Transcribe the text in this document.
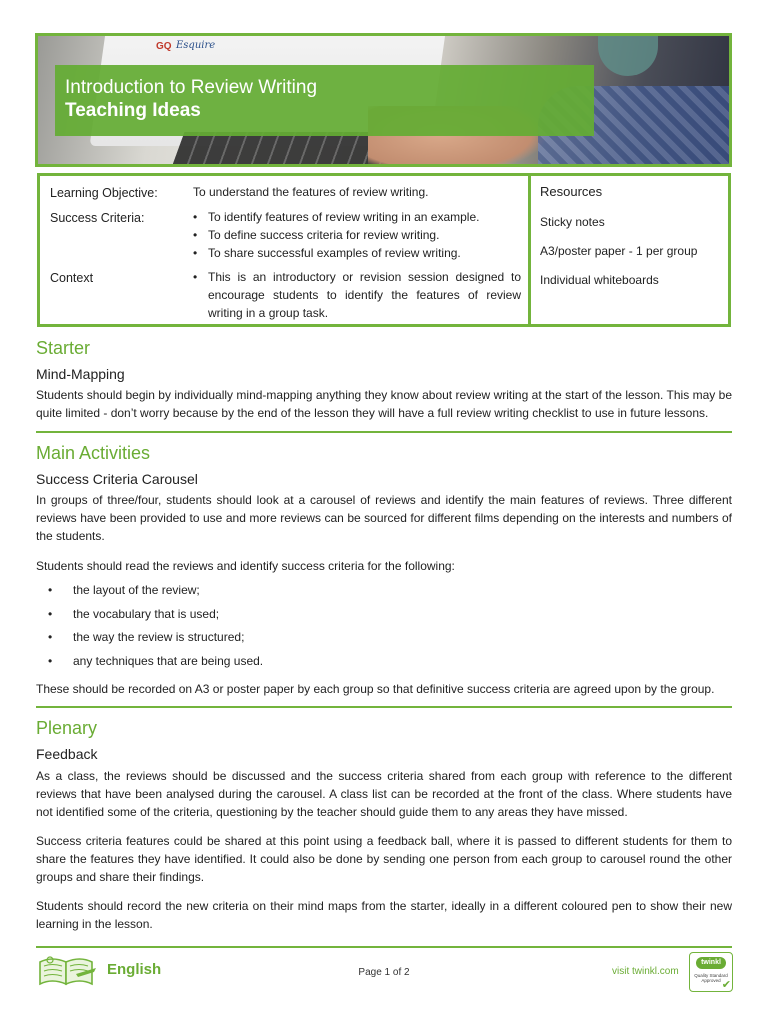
GQ Esquire
Introduction to Review Writing
Teaching Ideas
Learning Objective:	To understand the features of review writing.
Success Criteria:	• To identify features of review writing in an example.
• To define success criteria for review writing.
• To share successful examples of review writing.
Context	• This is an introductory or revision session designed to encourage students to identify the features of review writing in a group task.
Resources
Sticky notes
A3/poster paper - 1 per group
Individual whiteboards
Starter
Mind-Mapping
Students should begin by individually mind-mapping anything they know about review writing at the start of the lesson. This may be quite limited - don’t worry because by the end of the lesson they will have a full review writing checklist to use in future lessons.
Main Activities
Success Criteria Carousel
In groups of three/four, students should look at a carousel of reviews and identify the main features of reviews. Three different reviews have been provided to use and more reviews can be sourced for different films depending on the interests and numbers of the students.
Students should read the reviews and identify success criteria for the following:
• the layout of the review;
• the vocabulary that is used;
• the way the review is structured;
• any techniques that are being used.
These should be recorded on A3 or poster paper by each group so that definitive success criteria are agreed upon by the group.
Plenary
Feedback
As a class, the reviews should be discussed and the success criteria shared from each group with reference to the different reviews that have been analysed during the carousel. A class list can be recorded at the front of the class. Where students have not identified some of the criteria, questioning by the teacher should guide them to any areas they have missed.
Success criteria features could be shared at this point using a feedback ball, where it is passed to different students for them to share the features they have identified. It could also be done by sending one person from each group to carousel round the other groups and share their findings.
Students should record the new criteria on their mind maps from the starter, ideally in a different coloured pen to show their new learning in the lesson.
English	Page 1 of 2	visit twinkl.com
twinkl
Quality Standard Approved ✔
